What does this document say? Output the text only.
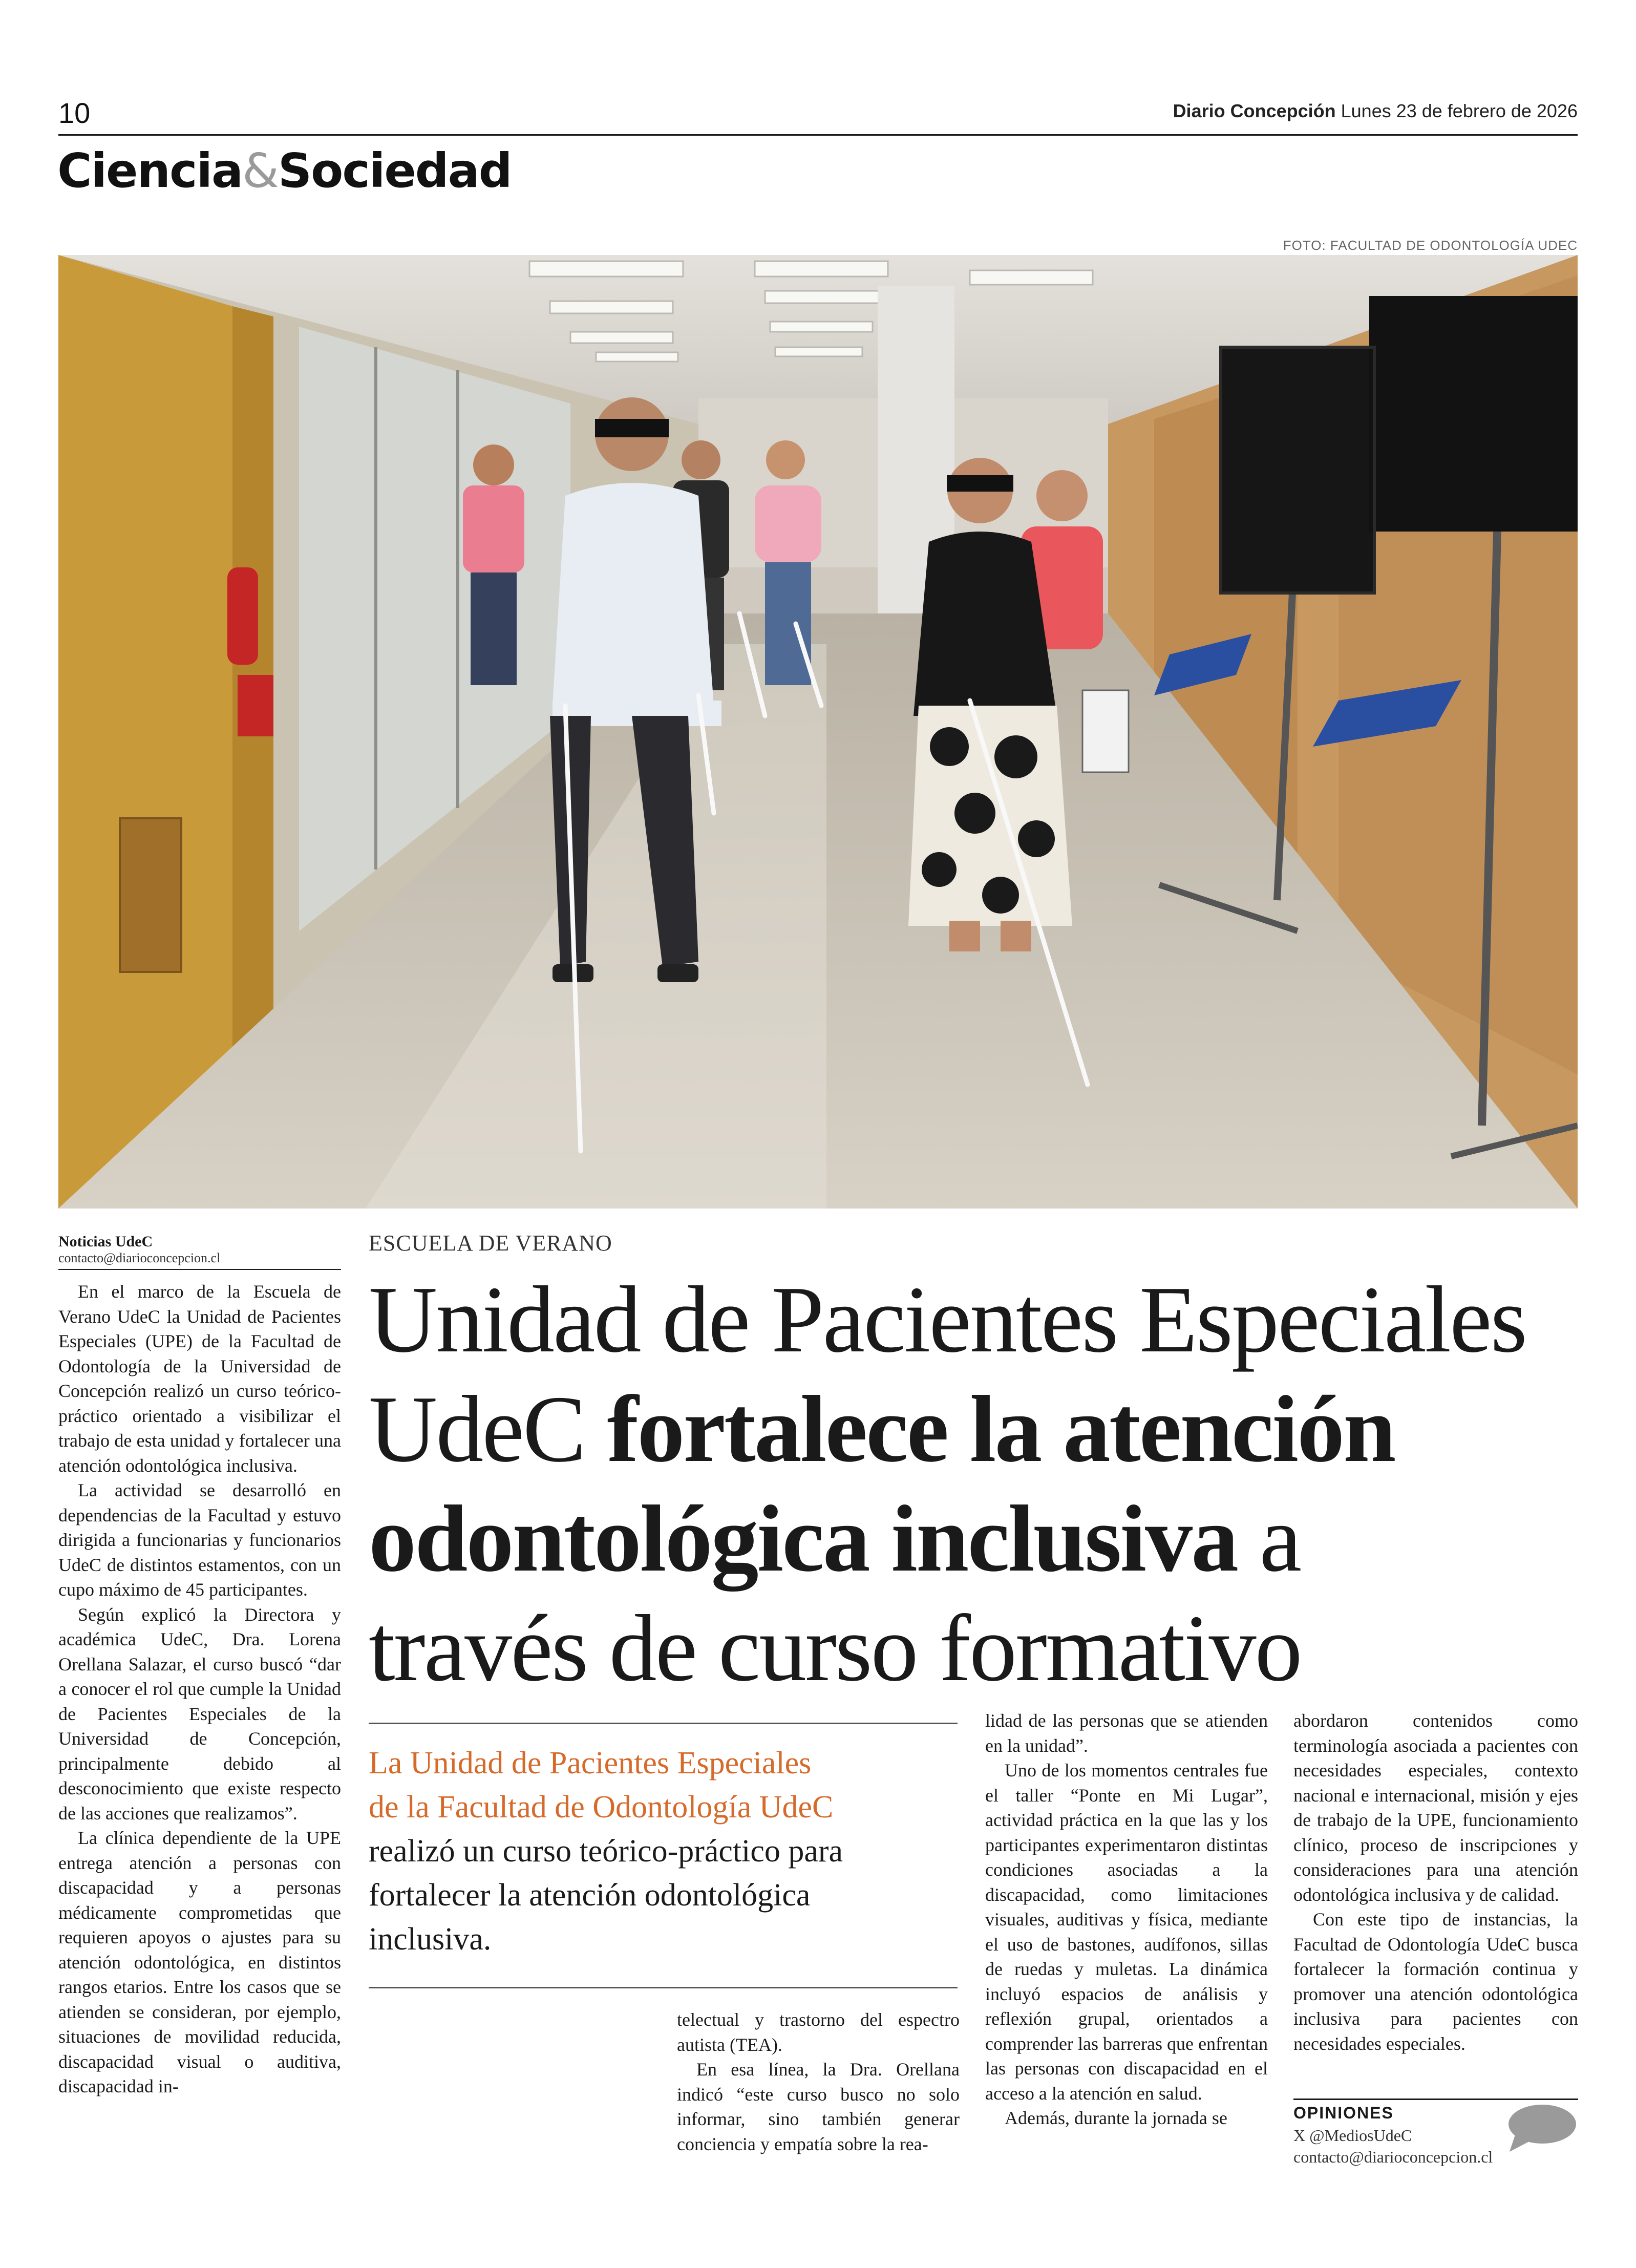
10	Diario Concepción Lunes 23 de febrero de 2026
Ciencia&Sociedad
FOTO: FACULTAD DE ODONTOLOGÍA UDEC
Noticias UdeC
contacto@diarioconcepcion.cl

En el marco de la Escuela de Verano UdeC la Unidad de Pacientes Especiales (UPE) de la Facultad de Odontología de la Universidad de Concepción realizó un curso teórico-práctico orientado a visibilizar el trabajo de esta unidad y fortalecer una atención odontológica inclusiva.

La actividad se desarrolló en dependencias de la Facultad y estuvo dirigida a funcionarias y funcionarios UdeC de distintos estamentos, con un cupo máximo de 45 participantes.

Según explicó la Directora y académica UdeC, Dra. Lorena Orellana Salazar, el curso buscó “dar a conocer el rol que cumple la Unidad de Pacientes Especiales de la Universidad de Concepción, principalmente debido al desconocimiento que existe respecto de las acciones que realizamos”.

La clínica dependiente de la UPE entrega atención a personas con discapacidad y a personas médicamente comprometidas que requieren apoyos o ajustes para su atención odontológica, en distintos rangos etarios. Entre los casos que se atienden se consideran, por ejemplo, situaciones de movilidad reducida, discapacidad visual o auditiva, discapacidad in-

ESCUELA DE VERANO
Unidad de Pacientes Especiales
UdeC fortalece la atención
odontológica inclusiva a
través de curso formativo
La Unidad de Pacientes Especiales
de la Facultad de Odontología UdeC
realizó un curso teórico-práctico para
fortalecer la atención odontológica
inclusiva.

telectual y trastorno del espectro autista (TEA).

En esa línea, la Dra. Orellana indicó “este curso busco no solo informar, sino también generar conciencia y empatía sobre la rea-

lidad de las personas que se atienden en la unidad”.

Uno de los momentos centrales fue el taller “Ponte en Mi Lugar”, actividad práctica en la que las y los participantes experimentaron distintas condiciones asociadas a la discapacidad, como limitaciones visuales, auditivas y física, mediante el uso de bastones, audífonos, sillas de ruedas y muletas. La dinámica incluyó espacios de análisis y reflexión grupal, orientados a comprender las barreras que enfrentan las personas con discapacidad en el acceso a la atención en salud.

Además, durante la jornada se

abordaron contenidos como terminología asociada a pacientes con necesidades especiales, contexto nacional e internacional, misión y ejes de trabajo de la UPE, funcionamiento clínico, proceso de inscripciones y consideraciones para una atención odontológica inclusiva y de calidad.

Con este tipo de instancias, la Facultad de Odontología UdeC busca fortalecer la formación continua y promover una atención odontológica inclusiva para pacientes con necesidades especiales.

OPINIONES
X @MediosUdeC
contacto@diarioconcepcion.cl
